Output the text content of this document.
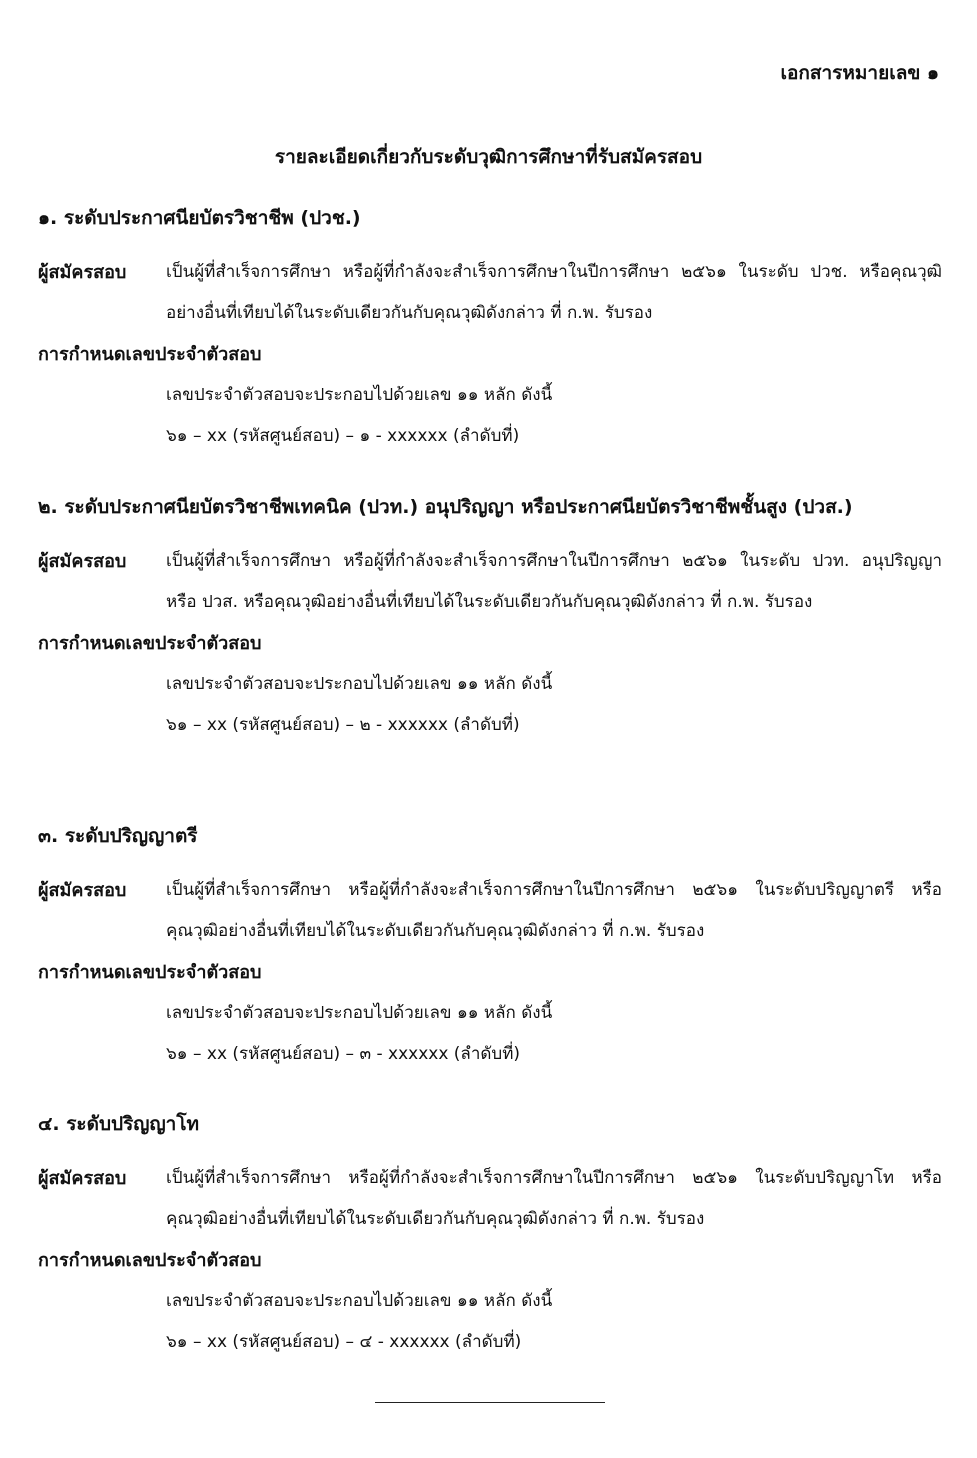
เอกสารหมายเลข ๑
รายละเอียดเกี่ยวกับระดับวุฒิการศึกษาที่รับสมัครสอบ
๑. ระดับประกาศนียบัตรวิชาชีพ (ปวช.)
ผู้สมัครสอบ	เป็นผู้ที่สำเร็จการศึกษา หรือผู้ที่กำลังจะสำเร็จการศึกษาในปีการศึกษา ๒๕๖๑ ในระดับ ปวช. หรือคุณวุฒิอย่างอื่นที่เทียบได้ในระดับเดียวกันกับคุณวุฒิดังกล่าว ที่ ก.พ. รับรอง
การกำหนดเลขประจำตัวสอบ
เลขประจำตัวสอบจะประกอบไปด้วยเลข ๑๑ หลัก ดังนี้
๖๑ – xx (รหัสศูนย์สอบ) – ๑ - xxxxxx (ลำดับที่)
๒. ระดับประกาศนียบัตรวิชาชีพเทคนิค (ปวท.) อนุปริญญา หรือประกาศนียบัตรวิชาชีพชั้นสูง (ปวส.)
ผู้สมัครสอบ	เป็นผู้ที่สำเร็จการศึกษา หรือผู้ที่กำลังจะสำเร็จการศึกษาในปีการศึกษา ๒๕๖๑ ในระดับ ปวท. อนุปริญญา หรือ ปวส. หรือคุณวุฒิอย่างอื่นที่เทียบได้ในระดับเดียวกันกับคุณวุฒิดังกล่าว ที่ ก.พ. รับรอง
การกำหนดเลขประจำตัวสอบ
เลขประจำตัวสอบจะประกอบไปด้วยเลข ๑๑ หลัก ดังนี้
๖๑ – xx (รหัสศูนย์สอบ) – ๒ - xxxxxx (ลำดับที่)
๓. ระดับปริญญาตรี
ผู้สมัครสอบ	เป็นผู้ที่สำเร็จการศึกษา หรือผู้ที่กำลังจะสำเร็จการศึกษาในปีการศึกษา ๒๕๖๑ ในระดับปริญญาตรี หรือคุณวุฒิอย่างอื่นที่เทียบได้ในระดับเดียวกันกับคุณวุฒิดังกล่าว ที่ ก.พ. รับรอง
การกำหนดเลขประจำตัวสอบ
เลขประจำตัวสอบจะประกอบไปด้วยเลข ๑๑ หลัก ดังนี้
๖๑ – xx (รหัสศูนย์สอบ) – ๓ - xxxxxx (ลำดับที่)
๔. ระดับปริญญาโท
ผู้สมัครสอบ	เป็นผู้ที่สำเร็จการศึกษา หรือผู้ที่กำลังจะสำเร็จการศึกษาในปีการศึกษา ๒๕๖๑ ในระดับปริญญาโท หรือคุณวุฒิอย่างอื่นที่เทียบได้ในระดับเดียวกันกับคุณวุฒิดังกล่าว ที่ ก.พ. รับรอง
การกำหนดเลขประจำตัวสอบ
เลขประจำตัวสอบจะประกอบไปด้วยเลข ๑๑ หลัก ดังนี้
๖๑ – xx (รหัสศูนย์สอบ) – ๔ - xxxxxx (ลำดับที่)
